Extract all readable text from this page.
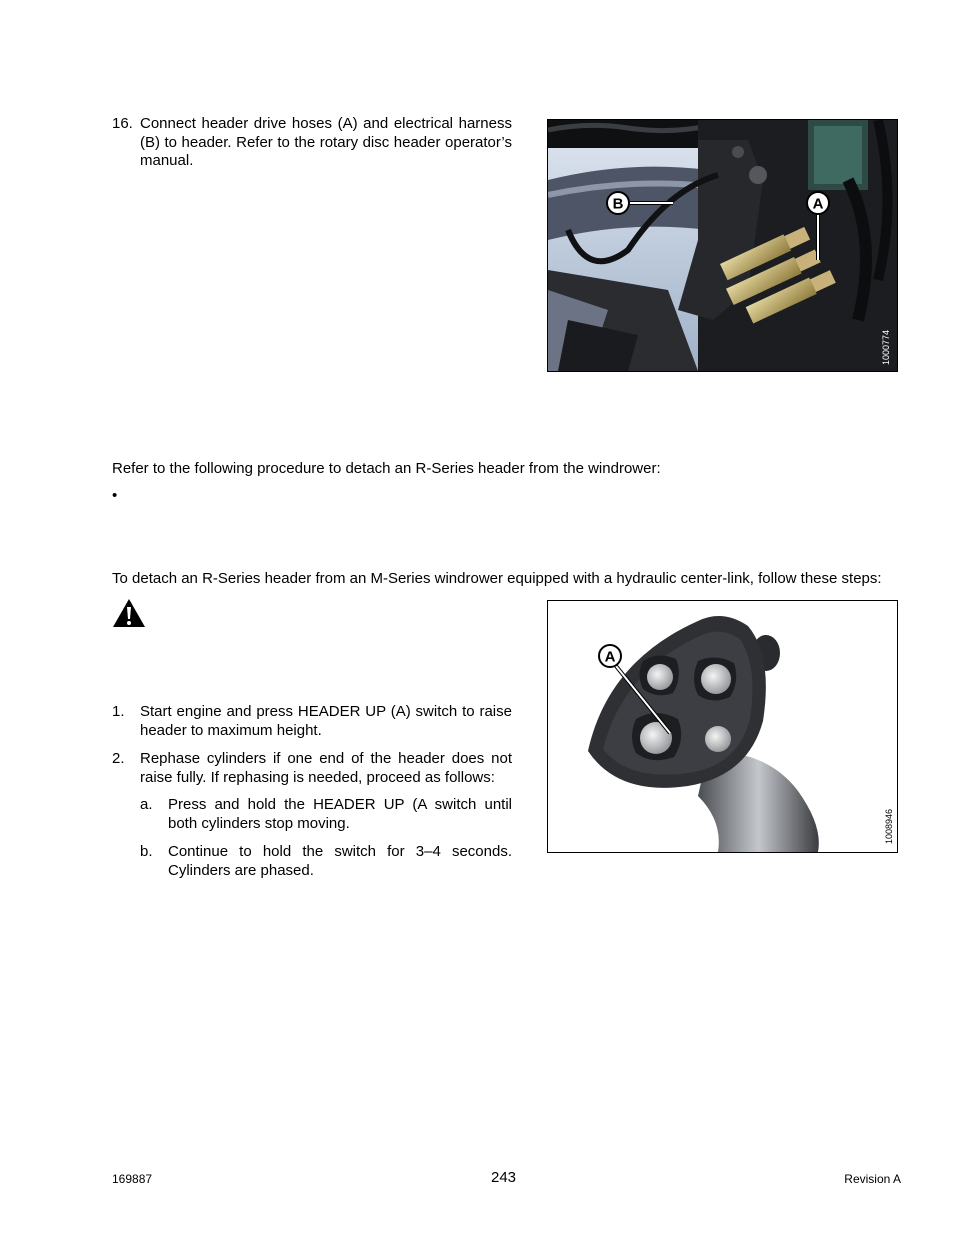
16. Connect header drive hoses (A) and electrical harness (B) to header. Refer to the rotary disc header operator’s manual.
B	A
1000774
Refer to the following procedure to detach an R-Series header from the windrower:
•
To detach an R-Series header from an M-Series windrower equipped with a hydraulic center-link, follow these steps:
1.	Start engine and press HEADER UP (A) switch to raise header to maximum height.
2.	Rephase cylinders if one end of the header does not raise fully. If rephasing is needed, proceed as follows:
a.	Press and hold the HEADER UP (A switch until both cylinders stop moving.
b.	Continue to hold the switch for 3–4 seconds. Cylinders are phased.
A
1008946
169887	243	Revision A
